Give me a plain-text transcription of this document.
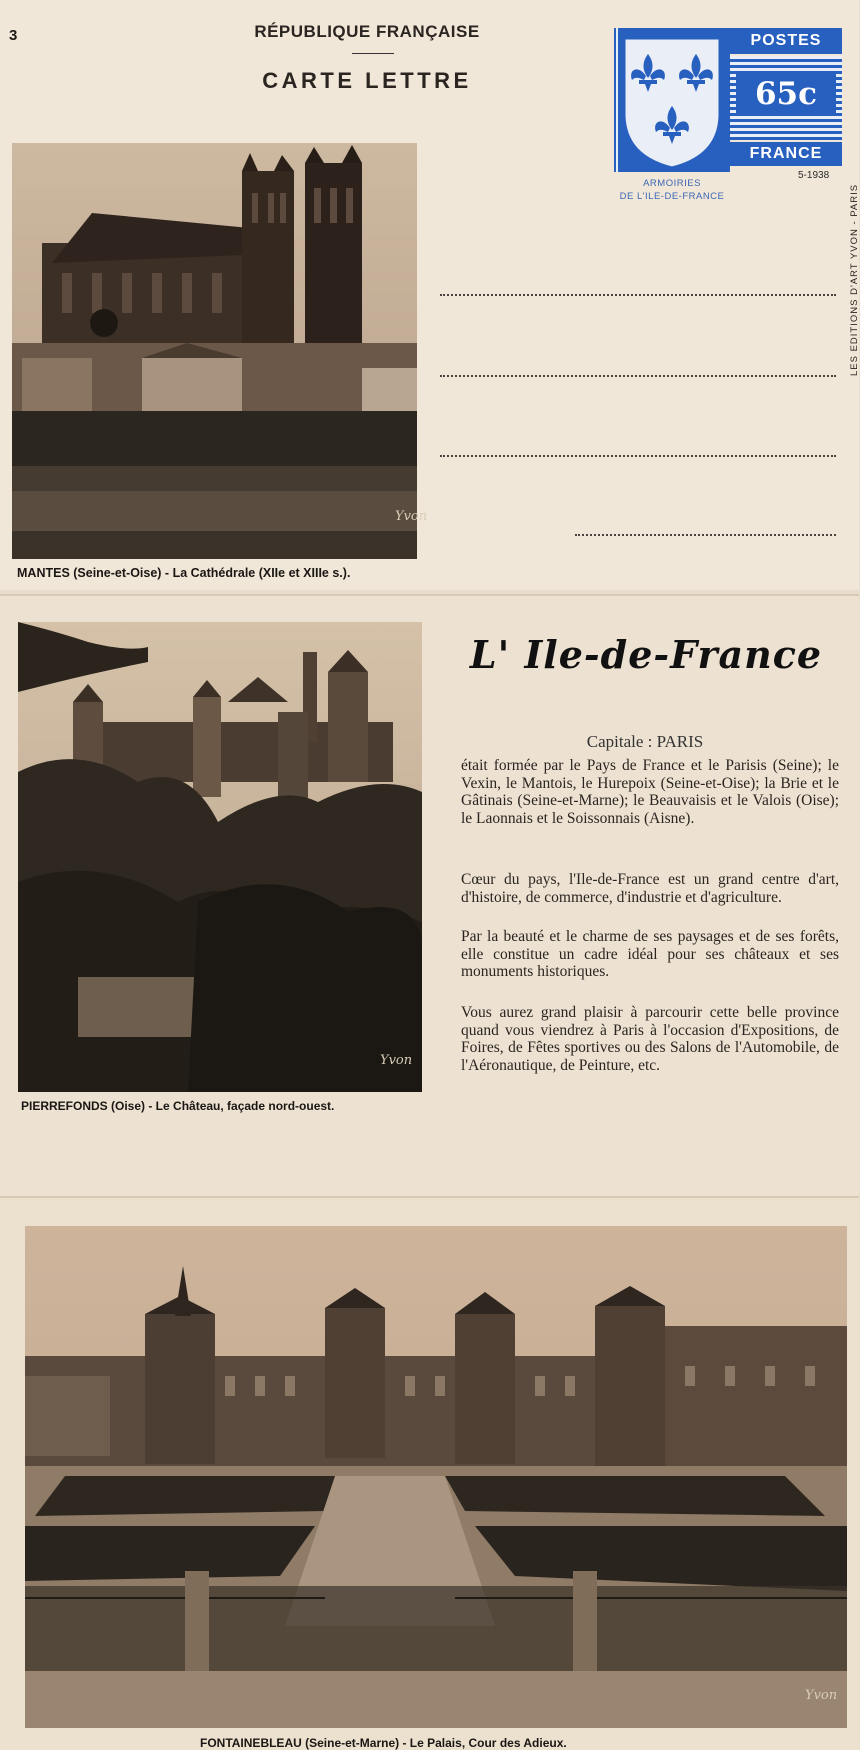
3	RÉPUBLIQUE FRANÇAISE
CARTE LETTRE
Yvon
MANTES (Seine-et-Oise) - La Cathédrale (XIIe et XIIIe s.).
POSTES
65c
FRANCE
5-1938
ARMOIRIES
DE L'ILE-DE-FRANCE	LES EDITIONS D'ART YVON - PARIS
Yvon
PIERREFONDS (Oise) - Le Château, façade nord-ouest.
L' Ile-de-France
Capitale : PARIS
était formée par le Pays de France et le Parisis (Seine); le Vexin, le Mantois, le Hurepoix (Seine-et-Oise); la Brie et le Gâtinais (Seine-et-Marne); le Beauvaisis et le Valois (Oise); le Laonnais et le Soissonnais (Aisne).
Cœur du pays, l'Ile-de-France est un grand centre d'art, d'histoire, de commerce, d'industrie et d'agriculture.
Par la beauté et le charme de ses paysages et de ses forêts, elle constitue un cadre idéal pour ses châteaux et ses monuments historiques.
Vous aurez grand plaisir à parcourir cette belle province quand vous viendrez à Paris à l'occasion d'Expositions, de Foires, de Fêtes sportives ou des Salons de l'Automobile, de l'Aéronautique, de Peinture, etc.
Yvon
FONTAINEBLEAU (Seine-et-Marne) - Le Palais, Cour des Adieux.
